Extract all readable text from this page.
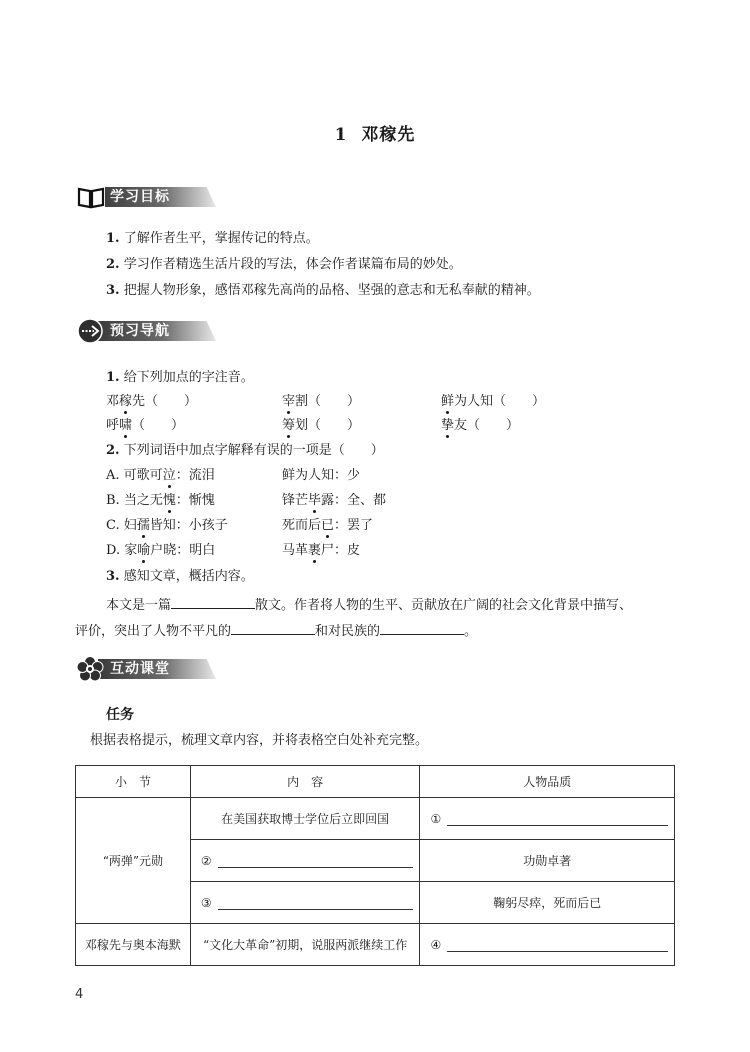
1 邓稼先
学习目标
1. 了解作者生平，掌握传记的特点。
2. 学习作者精选生活片段的写法，体会作者谋篇布局的妙处。
3. 把握人物形象，感悟邓稼先高尚的品格、坚强的意志和无私奉献的精神。
预习导航
1. 给下列加点的字注音。
邓稼先（　　）	宰割（　　）	鲜为人知（　　）
呼啸（　　）	筹划（　　）	挚友（　　）
2. 下列词语中加点字解释有误的一项是（　　）
A. 可歌可泣：流泪	鲜为人知：少
B. 当之无愧：惭愧	锋芒毕露：全、都
C. 妇孺皆知：小孩子	死而后已：罢了
D. 家喻户晓：明白	马革裹尸：皮
3. 感知文章，概括内容。
本文是一篇	散文。作者将人物的生平、贡献放在广阔的社会文化背景中描写、
评价，突出了人物不平凡的	和对民族的	。
互动课堂
任务
根据表格提示，梳理文章内容，并将表格空白处补充完整。
小　节	内　容	人物品质
“两弹”元勋	在美国获取博士学位后立即回国	①

	②	功勋卓著

	③	鞠躬尽瘁，死而后已
邓稼先与奥本海默	“文化大革命”初期，说服两派继续工作	④
4
